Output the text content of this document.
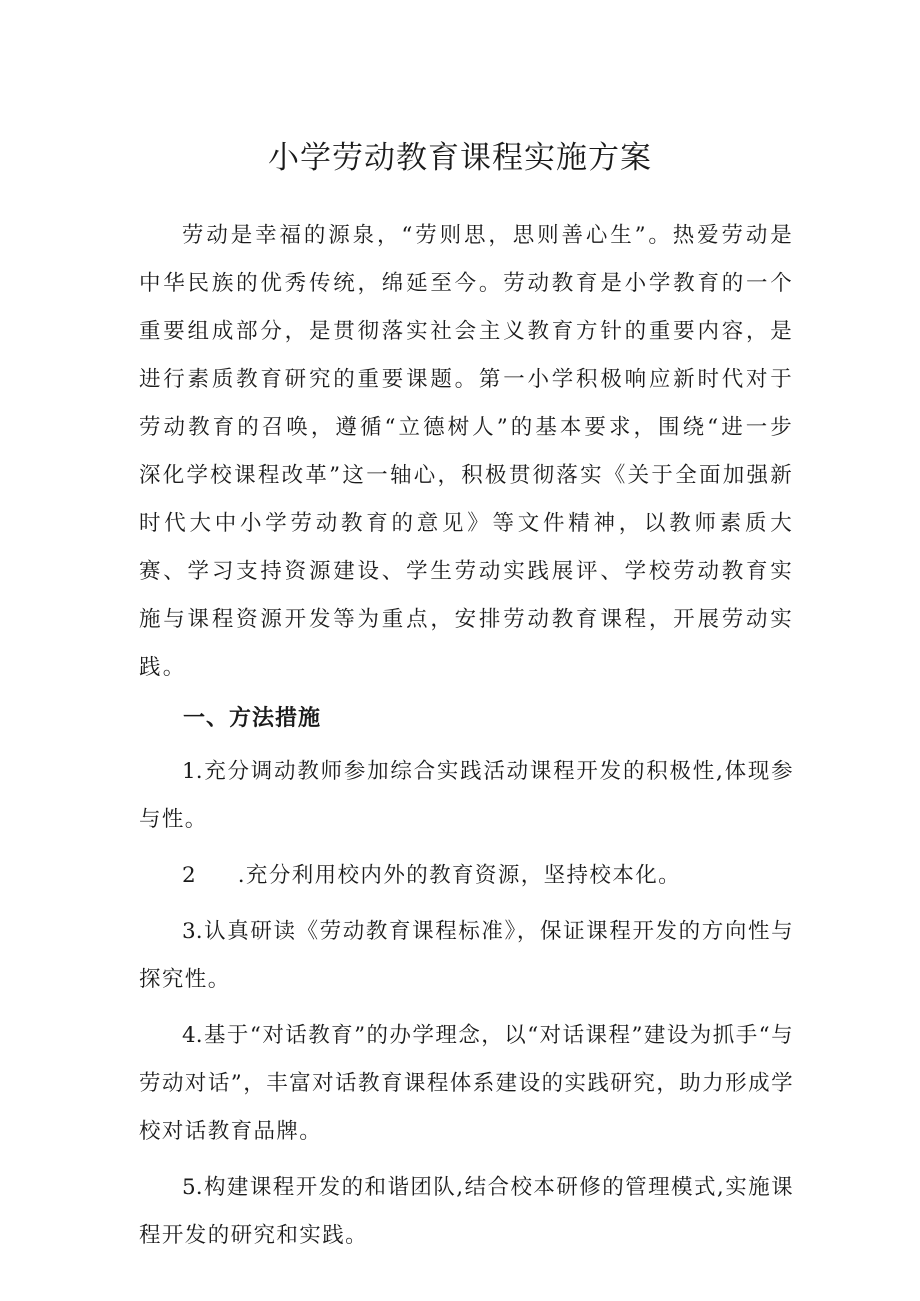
小学劳动教育课程实施方案

劳动是幸福的源泉，“劳则思，思则善心生”。热爱劳动是中华民族的优秀传统，绵延至今。劳动教育是小学教育的一个重要组成部分，是贯彻落实社会主义教育方针的重要内容，是进行素质教育研究的重要课题。第一小学积极响应新时代对于劳动教育的召唤，遵循“立德树人”的基本要求，围绕“进一步深化学校课程改革”这一轴心，积极贯彻落实《关于全面加强新时代大中小学劳动教育的意见》等文件精神，以教师素质大赛、学习支持资源建设、学生劳动实践展评、学校劳动教育实施与课程资源开发等为重点，安排劳动教育课程，开展劳动实践。

一、方法措施

1.充分调动教师参加综合实践活动课程开发的积极性,体现参与性。

2 .充分利用校内外的教育资源，坚持校本化。

3.认真研读《劳动教育课程标准》，保证课程开发的方向性与探究性。

4.基于“对话教育”的办学理念，以“对话课程”建设为抓手“与劳动对话”，丰富对话教育课程体系建设的实践研究，助力形成学校对话教育品牌。

5.构建课程开发的和谐团队,结合校本研修的管理模式,实施课程开发的研究和实践。
